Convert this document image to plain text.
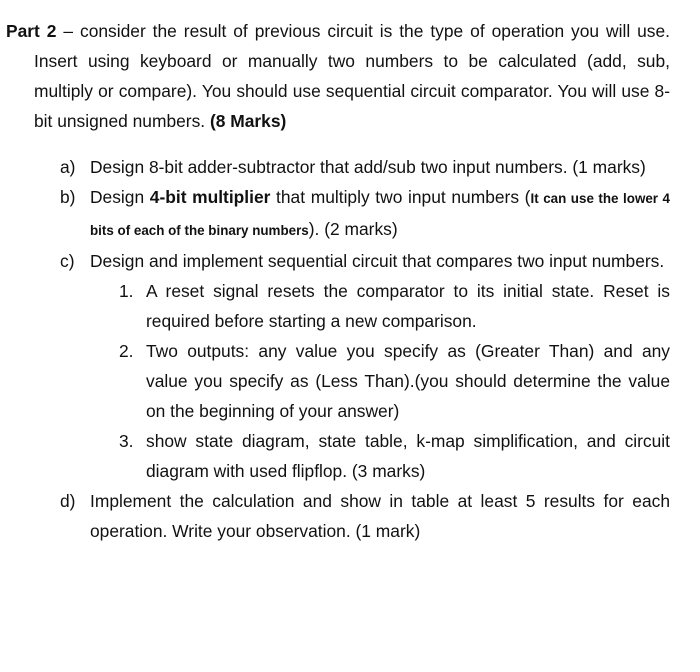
Part 2 – consider the result of previous circuit is the type of operation you will use. Insert using keyboard or manually two numbers to be calculated (add, sub, multiply or compare). You should use sequential circuit comparator. You will use 8-bit unsigned numbers. (8 Marks)

a) Design 8-bit adder-subtractor that add/sub two input numbers. (1 marks)
b) Design 4-bit multiplier that multiply two input numbers (It can use the lower 4 bits of each of the binary numbers). (2 marks)
c) Design and implement sequential circuit that compares two input numbers.
1. A reset signal resets the comparator to its initial state. Reset is required before starting a new comparison.
2. Two outputs: any value you specify as (Greater Than) and any value you specify as (Less Than).(you should determine the value on the beginning of your answer)
3. show state diagram, state table, k-map simplification, and circuit diagram with used flipflop. (3 marks)
d) Implement the calculation and show in table at least 5 results for each operation. Write your observation. (1 mark)
